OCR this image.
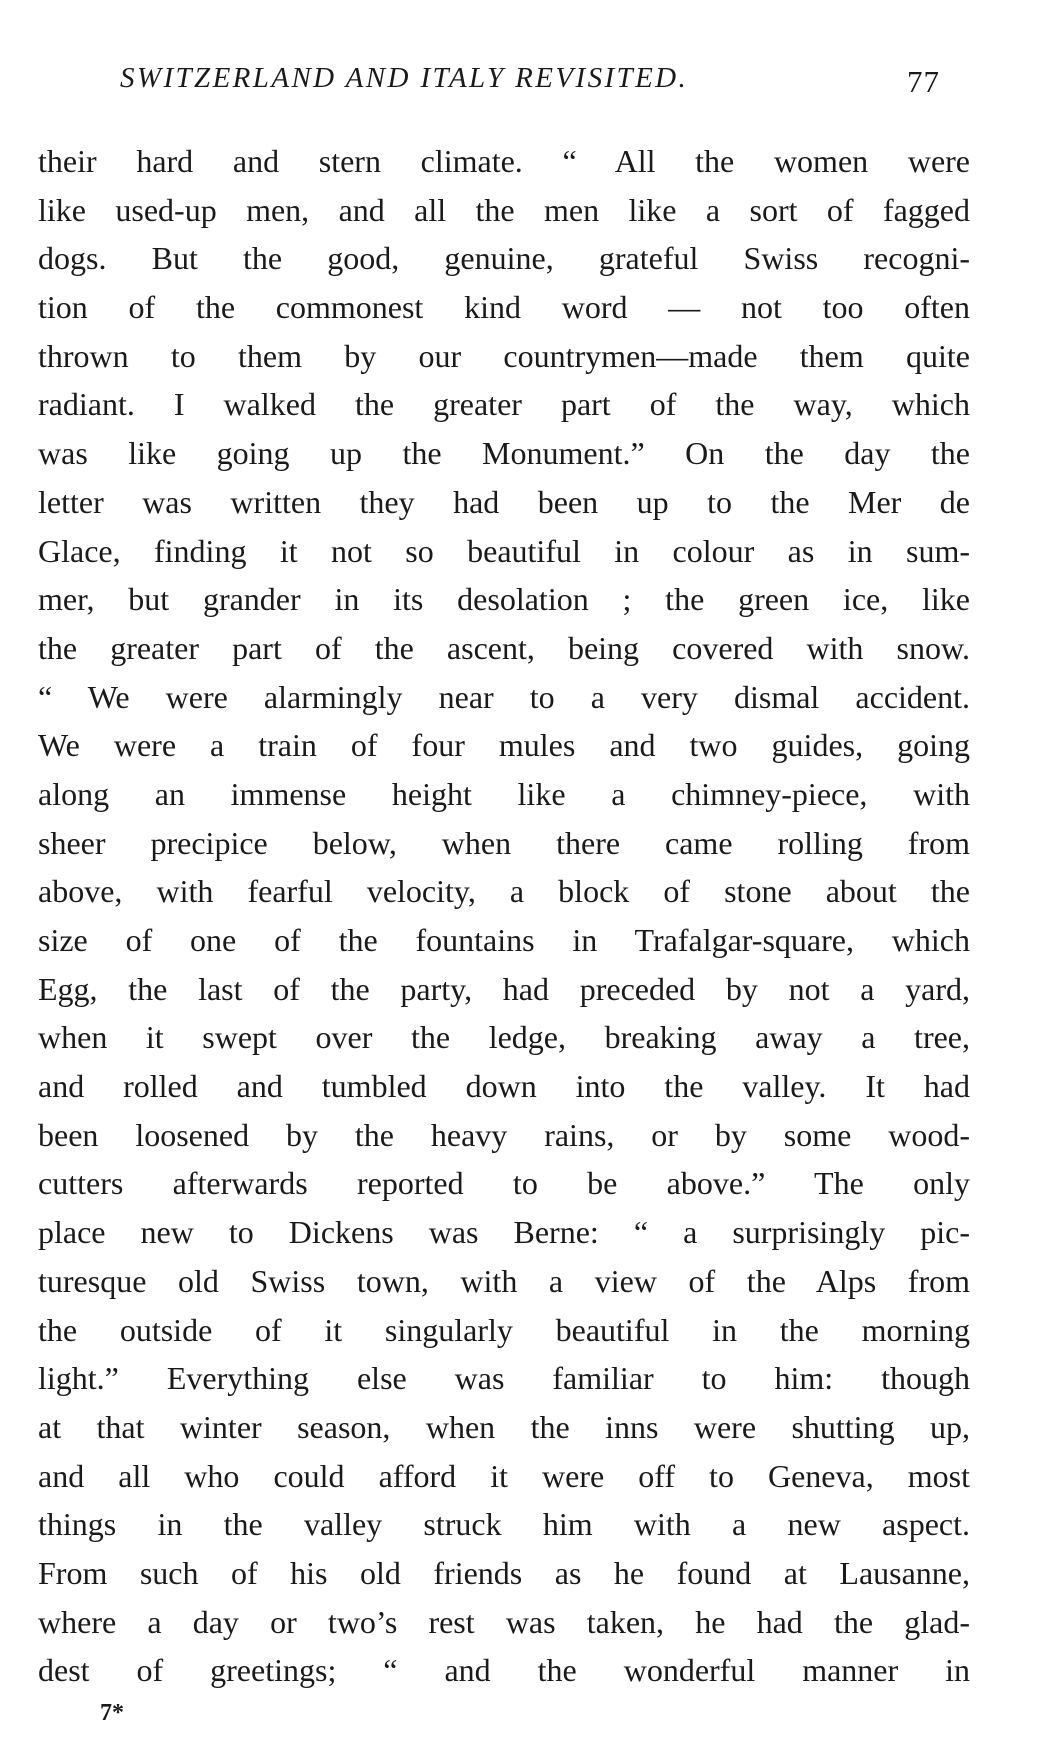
SWITZERLAND AND ITALY REVISITED.	77
their hard and stern climate. “ All the women were
like used-up men, and all the men like a sort of fagged
dogs. But the good, genuine, grateful Swiss recogni-
tion of the commonest kind word — not too often
thrown to them by our countrymen—made them quite
radiant. I walked the greater part of the way, which
was like going up the Monument.” On the day the
letter was written they had been up to the Mer de
Glace, finding it not so beautiful in colour as in sum-
mer, but grander in its desolation ; the green ice, like
the greater part of the ascent, being covered with snow.
“ We were alarmingly near to a very dismal accident.
We were a train of four mules and two guides, going
along an immense height like a chimney-piece, with
sheer precipice below, when there came rolling from
above, with fearful velocity, a block of stone about the
size of one of the fountains in Trafalgar-square, which
Egg, the last of the party, had preceded by not a yard,
when it swept over the ledge, breaking away a tree,
and rolled and tumbled down into the valley. It had
been loosened by the heavy rains, or by some wood-
cutters afterwards reported to be above.” The only
place new to Dickens was Berne: “ a surprisingly pic-
turesque old Swiss town, with a view of the Alps from
the outside of it singularly beautiful in the morning
light.” Everything else was familiar to him: though
at that winter season, when the inns were shutting up,
and all who could afford it were off to Geneva, most
things in the valley struck him with a new aspect.
From such of his old friends as he found at Lausanne,
where a day or two’s rest was taken, he had the glad-
dest of greetings; “ and the wonderful manner in
7*
